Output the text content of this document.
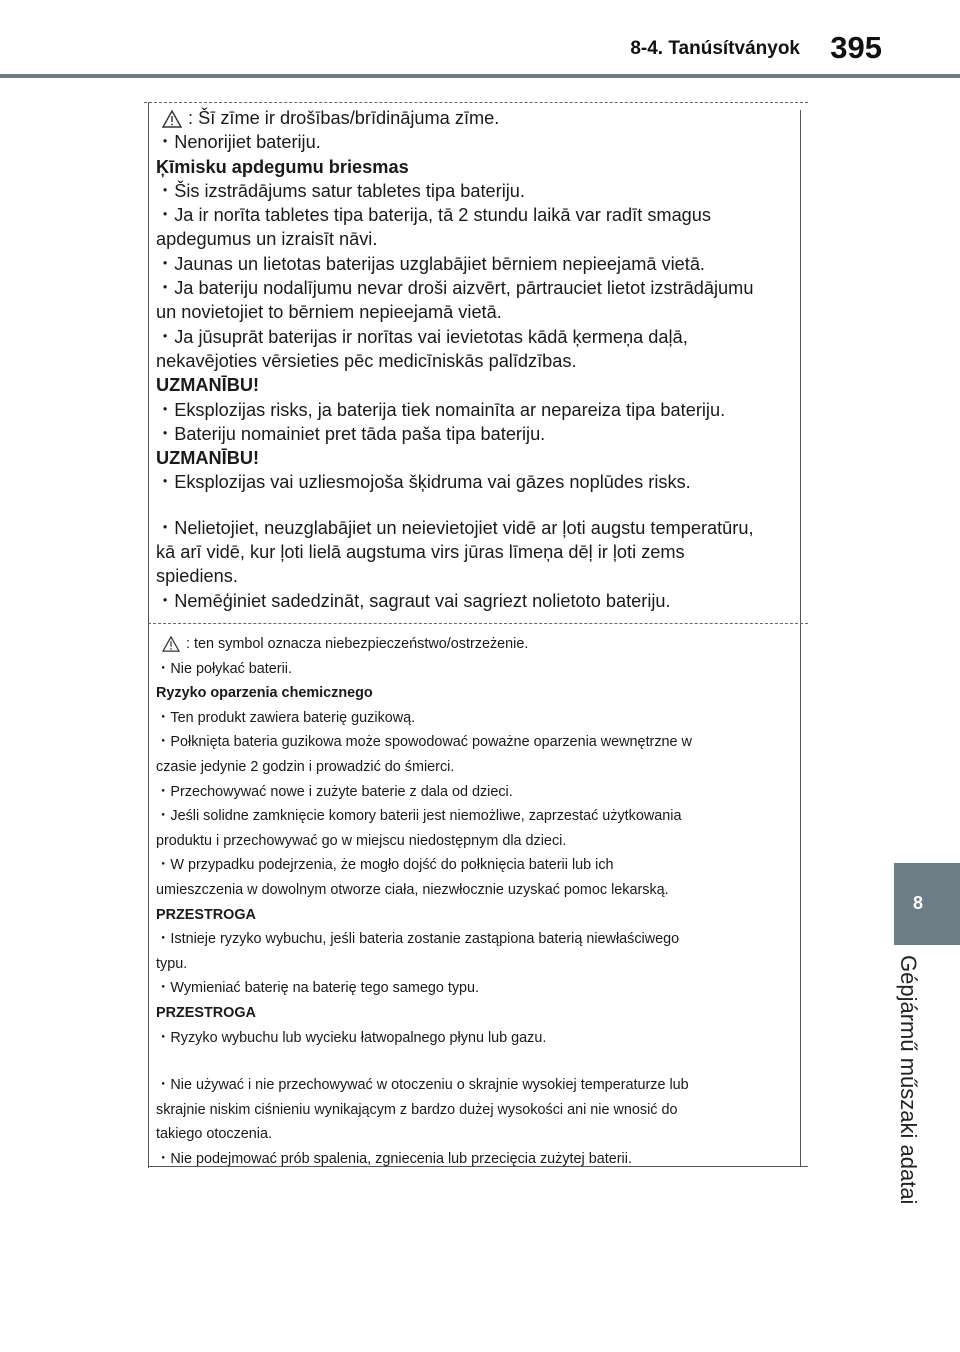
8-4. Tanúsítványok 395
8
Gépjármű műszaki adatai
: Šī zīme ir drošības/brīdinājuma zīme.
・Nenorijiet bateriju.
Ķīmisku apdegumu briesmas
・Šis izstrādājums satur tabletes tipa bateriju.
・Ja ir norīta tabletes tipa baterija, tā 2 stundu laikā var radīt smagus
apdegumus un izraisīt nāvi.
・Jaunas un lietotas baterijas uzglabājiet bērniem nepieejamā vietā.
・Ja bateriju nodalījumu nevar droši aizvērt, pārtrauciet lietot izstrādājumu
un novietojiet to bērniem nepieejamā vietā.
・Ja jūsuprāt baterijas ir norītas vai ievietotas kādā ķermeņa daļā,
nekavējoties vērsieties pēc medicīniskās palīdzības.
UZMANĪBU!
・Eksplozijas risks, ja baterija tiek nomainīta ar nepareiza tipa bateriju.
・Bateriju nomainiet pret tāda paša tipa bateriju.
UZMANĪBU!
・Eksplozijas vai uzliesmojoša šķidruma vai gāzes noplūdes risks.
・Nelietojiet, neuzglabājiet un neievietojiet vidē ar ļoti augstu temperatūru,
kā arī vidē, kur ļoti lielā augstuma virs jūras līmeņa dēļ ir ļoti zems
spiediens.
・Nemēģiniet sadedzināt, sagraut vai sagriezt nolietoto bateriju.
: ten symbol oznacza niebezpieczeństwo/ostrzeżenie.
・Nie połykać baterii.
Ryzyko oparzenia chemicznego
・Ten produkt zawiera baterię guzikową.
・Połknięta bateria guzikowa może spowodować poważne oparzenia wewnętrzne w
czasie jedynie 2 godzin i prowadzić do śmierci.
・Przechowywać nowe i zużyte baterie z dala od dzieci.
・Jeśli solidne zamknięcie komory baterii jest niemożliwe, zaprzestać użytkowania
produktu i przechowywać go w miejscu niedostępnym dla dzieci.
・W przypadku podejrzenia, że mogło dojść do połknięcia baterii lub ich
umieszczenia w dowolnym otworze ciała, niezwłocznie uzyskać pomoc lekarską.
PRZESTROGA
・Istnieje ryzyko wybuchu, jeśli bateria zostanie zastąpiona baterią niewłaściwego
typu.
・Wymieniać baterię na baterię tego samego typu.
PRZESTROGA
・Ryzyko wybuchu lub wycieku łatwopalnego płynu lub gazu.
・Nie używać i nie przechowywać w otoczeniu o skrajnie wysokiej temperaturze lub
skrajnie niskim ciśnieniu wynikającym z bardzo dużej wysokości ani nie wnosić do
takiego otoczenia.
・Nie podejmować prób spalenia, zgniecenia lub przecięcia zużytej baterii.
